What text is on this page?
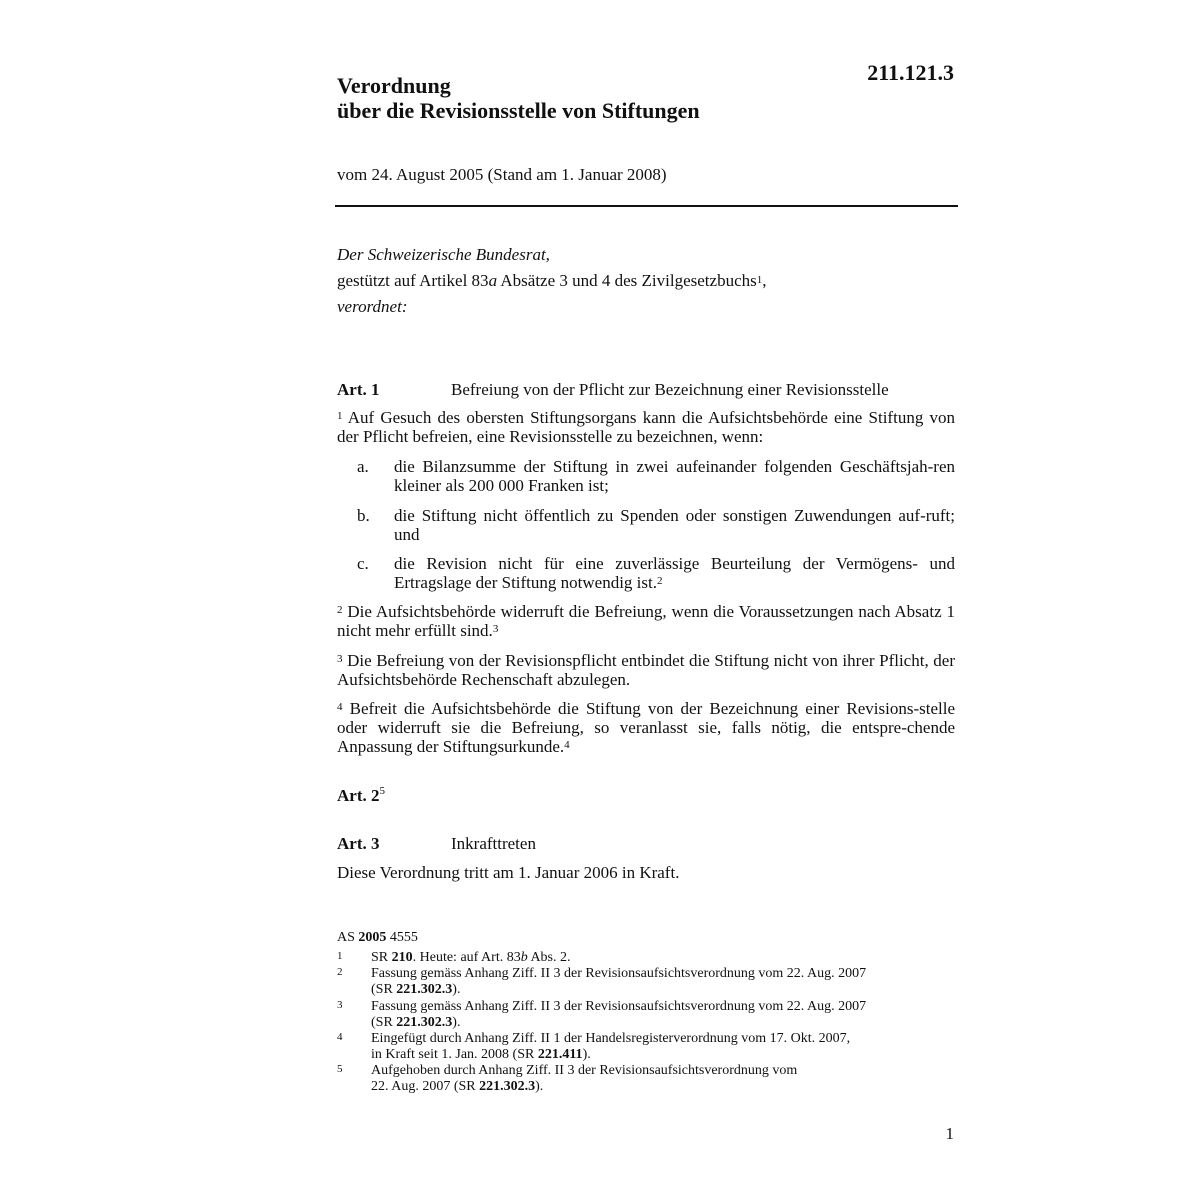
211.121.3
Verordnung
über die Revisionsstelle von Stiftungen
vom 24. August 2005 (Stand am 1. Januar 2008)
Der Schweizerische Bundesrat,
gestützt auf Artikel 83a Absätze 3 und 4 des Zivilgesetzbuchs$^1$,
verordnet:
Art. 1	Befreiung von der Pflicht zur Bezeichnung einer Revisionsstelle
$^1$ Auf Gesuch des obersten Stiftungsorgans kann die Aufsichtsbehörde eine Stiftung von der Pflicht befreien, eine Revisionsstelle zu bezeichnen, wenn:
a.	die Bilanzsumme der Stiftung in zwei aufeinander folgenden Geschäftsjah-ren kleiner als 200 000 Franken ist;
b.	die Stiftung nicht öffentlich zu Spenden oder sonstigen Zuwendungen auf-ruft; und
c.	die Revision nicht für eine zuverlässige Beurteilung der Vermögens- und Ertragslage der Stiftung notwendig ist.$^2$
$^2$ Die Aufsichtsbehörde widerruft die Befreiung, wenn die Voraussetzungen nach Absatz 1 nicht mehr erfüllt sind.$^3$
$^3$ Die Befreiung von der Revisionspflicht entbindet die Stiftung nicht von ihrer Pflicht, der Aufsichtsbehörde Rechenschaft abzulegen.
$^4$ Befreit die Aufsichtsbehörde die Stiftung von der Bezeichnung einer Revisions-stelle oder widerruft sie die Befreiung, so veranlasst sie, falls nötig, die entspre-chende Anpassung der Stiftungsurkunde.$^4$
Art. $2^5$
Art. 3	Inkrafttreten
Diese Verordnung tritt am 1. Januar 2006 in Kraft.
AS 2005 4555
1	SR 210. Heute: auf Art. 83b Abs. 2.
2	Fassung gemäss Anhang Ziff. II 3 der Revisionsaufsichtsverordnung vom 22. Aug. 2007
(SR 221.302.3).
3	Fassung gemäss Anhang Ziff. II 3 der Revisionsaufsichtsverordnung vom 22. Aug. 2007
(SR 221.302.3).
4	Eingefügt durch Anhang Ziff. II 1 der Handelsregisterverordnung vom 17. Okt. 2007,
in Kraft seit 1. Jan. 2008 (SR 221.411).
5	Aufgehoben durch Anhang Ziff. II 3 der Revisionsaufsichtsverordnung vom
22. Aug. 2007 (SR 221.302.3).
1
